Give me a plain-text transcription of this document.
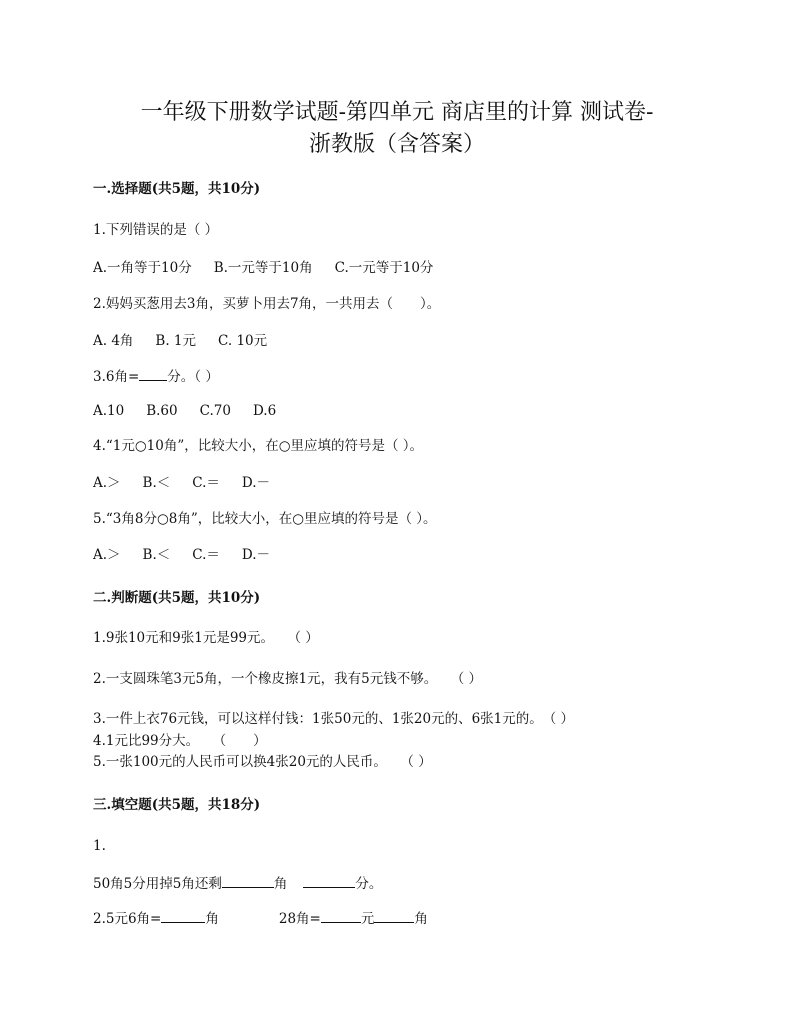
一年级下册数学试题-第四单元 商店里的计算 测试卷-
浙教版（含答案）
一.选择题(共5题，共10分)
1.下列错误的是（ ）
A.一角等于10分 B.一元等于10角 C.一元等于10分
2.妈妈买葱用去3角，买萝卜用去7角，一共用去（　　）。
A. 4角 B. 1元 C. 10元
3.6角= 分。（ ）
A.10 B.60 C.70 D.6
4.“1元○10角”，比较大小，在○里应填的符号是（ ）。
A.＞ B.＜ C.＝ D.－
5.“3角8分○8角”，比较大小，在○里应填的符号是（ ）。
A.＞ B.＜ C.＝ D.－
二.判断题(共5题，共10分)
1.9张10元和9张1元是99元。　　（ ）
2.一支圆珠笔3元5角，一个橡皮擦1元，我有5元钱不够。　　（ ）
3.一件上衣76元钱，可以这样付钱：1张50元的、1张20元的、6张1元的。　（ ）
4.1元比99分大。　　（　　）
5.一张100元的人民币可以换4张20元的人民币。　　（ ）
三.填空题(共5题，共18分)
1.
50角5分用掉5角还剩	角	分。
2.5元6角=	角	28角=	元	角
